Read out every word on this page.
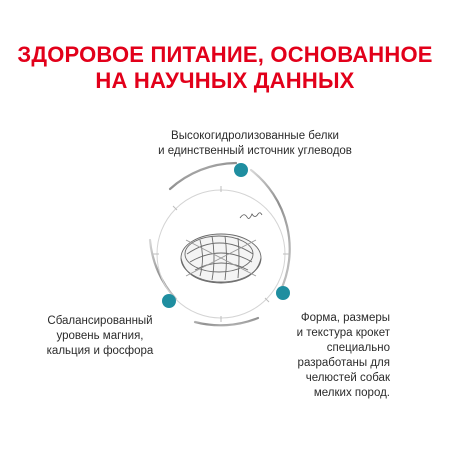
ЗДОРОВОЕ ПИТАНИЕ, ОСНОВАННОЕ
НА НАУЧНЫХ ДАННЫХ
Высокогидролизованные белки
и единственный источник углеводов
Сбалансированный
уровень магния,
кальция и фосфора
Форма, размеры
и текстура крокет
специально
разработаны для
челюстей собак
мелких пород.
